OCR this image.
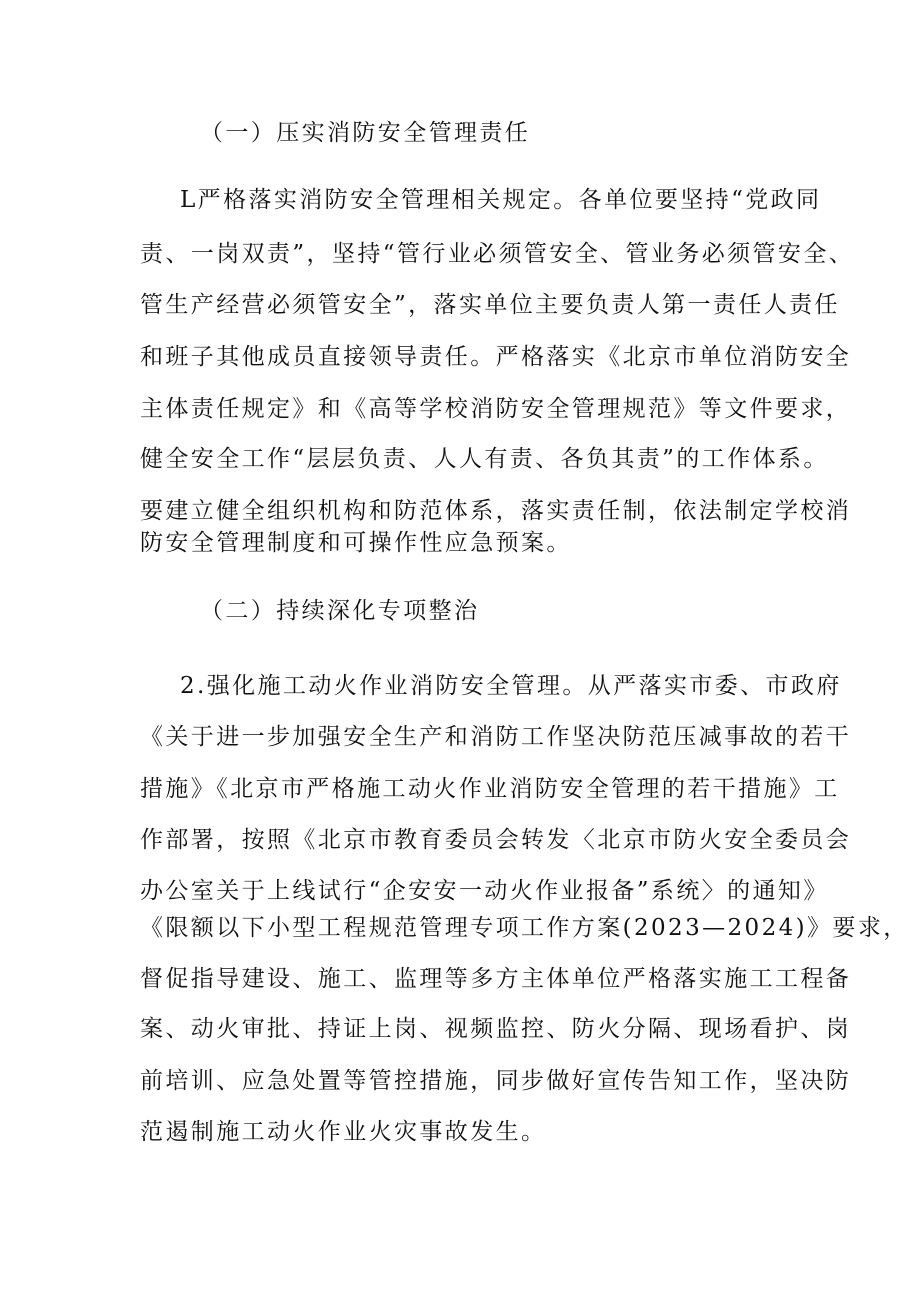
（一）压实消防安全管理责任
L严格落实消防安全管理相关规定。各单位要坚持“党政同
责、一岗双责”，坚持“管行业必须管安全、管业务必须管安全、
管生产经营必须管安全”，落实单位主要负责人第一责任人责任
和班子其他成员直接领导责任。严格落实《北京市单位消防安全
主体责任规定》和《高等学校消防安全管理规范》等文件要求，
健全安全工作“层层负责、人人有责、各负其责”的工作体系。
要建立健全组织机构和防范体系，落实责任制，依法制定学校消
防安全管理制度和可操作性应急预案。
（二）持续深化专项整治
2.强化施工动火作业消防安全管理。从严落实市委、市政府
《关于进一步加强安全生产和消防工作坚决防范压减事故的若干
措施》《北京市严格施工动火作业消防安全管理的若干措施》工
作部署，按照《北京市教育委员会转发〈北京市防火安全委员会
办公室关于上线试行“企安安一动火作业报备”系统〉的通知》
《限额以下小型工程规范管理专项工作方案(2023—2024)》要求，
督促指导建设、施工、监理等多方主体单位严格落实施工工程备
案、动火审批、持证上岗、视频监控、防火分隔、现场看护、岗
前培训、应急处置等管控措施，同步做好宣传告知工作，坚决防
范遏制施工动火作业火灾事故发生。
